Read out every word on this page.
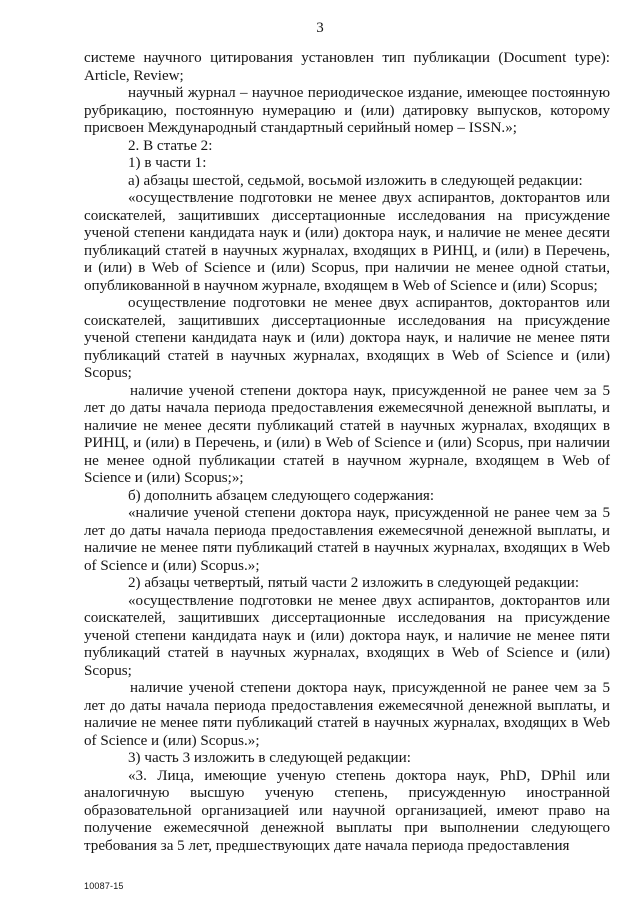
3

системе научного цитирования установлен тип публикации (Document type): Article, Review;

научный журнал – научное периодическое издание, имеющее постоянную рубрикацию, постоянную нумерацию и (или) датировку выпусков, которому присвоен Международный стандартный серийный номер – ISSN.»;

2. В статье 2:

1) в части 1:

а) абзацы шестой, седьмой, восьмой изложить в следующей редакции:

«осуществление подготовки не менее двух аспирантов, докторантов или соискателей, защитивших диссертационные исследования на присуждение ученой степени кандидата наук и (или) доктора наук, и наличие не менее десяти публикаций статей в научных журналах, входящих в РИНЦ, и (или) в Перечень, и (или) в Web of Science и (или) Scopus, при наличии не менее одной статьи, опубликованной в научном журнале, входящем в Web of Science и (или) Scopus;

осуществление подготовки не менее двух аспирантов, докторантов или соискателей, защитивших диссертационные исследования на присуждение ученой степени кандидата наук и (или) доктора наук, и наличие не менее пяти публикаций статей в научных журналах, входящих в Web of Science и (или) Scopus;

наличие ученой степени доктора наук, присужденной не ранее чем за 5 лет до даты начала периода предоставления ежемесячной денежной выплаты, и наличие не менее десяти публикаций статей в научных журналах, входящих в РИНЦ, и (или) в Перечень, и (или) в Web of Science и (или) Scopus, при наличии не менее одной публикации статей в научном журнале, входящем в Web of Science и (или) Scopus;»;

б) дополнить абзацем следующего содержания:

«наличие ученой степени доктора наук, присужденной не ранее чем за 5 лет до даты начала периода предоставления ежемесячной денежной выплаты, и наличие не менее пяти публикаций статей в научных журналах, входящих в Web of Science и (или) Scopus.»;

2) абзацы четвертый, пятый части 2 изложить в следующей редакции:

«осуществление подготовки не менее двух аспирантов, докторантов или соискателей, защитивших диссертационные исследования на присуждение ученой степени кандидата наук и (или) доктора наук, и наличие не менее пяти публикаций статей в научных журналах, входящих в Web of Science и (или) Scopus;

наличие ученой степени доктора наук, присужденной не ранее чем за 5 лет до даты начала периода предоставления ежемесячной денежной выплаты, и наличие не менее пяти публикаций статей в научных журналах, входящих в Web of Science и (или) Scopus.»;

3) часть 3 изложить в следующей редакции:

«3. Лица, имеющие ученую степень доктора наук, PhD, DPhil или аналогичную высшую ученую степень, присужденную иностранной образовательной организацией или научной организацией, имеют право на получение ежемесячной денежной выплаты при выполнении следующего требования за 5 лет, предшествующих дате начала периода предоставления

10087-15
